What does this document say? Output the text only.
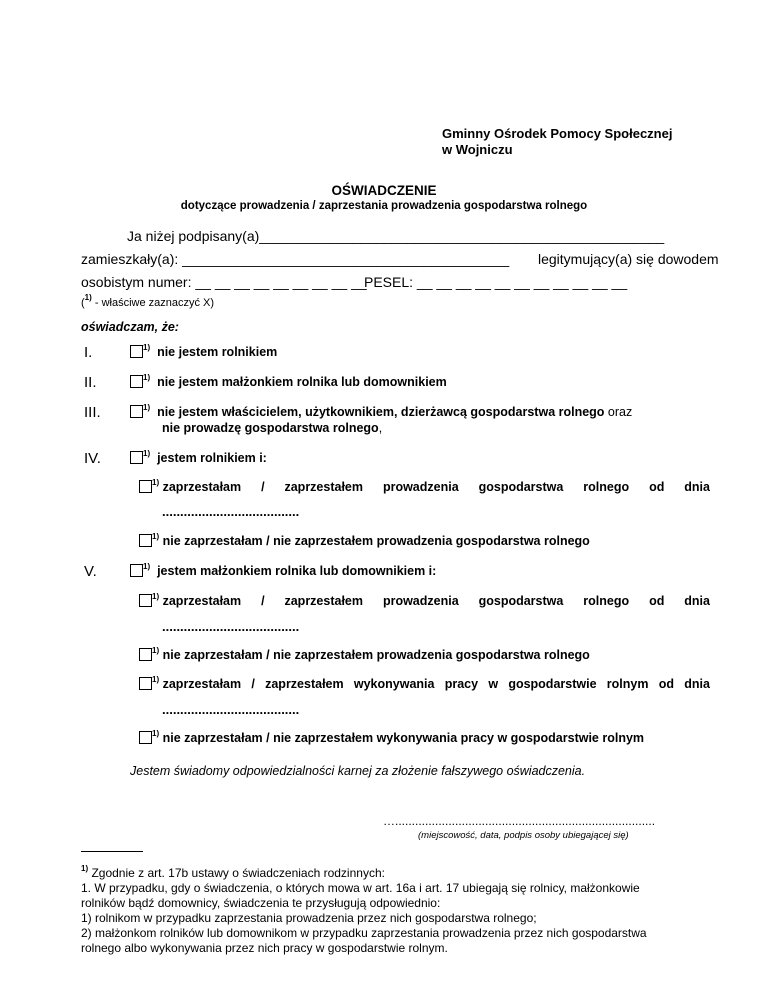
Gminny Ośrodek Pomocy Społecznej
w Wojniczu
OŚWIADCZENIE
dotyczące prowadzenia / zaprzestania prowadzenia gospodarstwa rolnego
Ja niżej podpisany(a)____________________________________________________
zamieszkały(a): __________________________________________ legitymujący(a) się dowodem
osobistym numer: __ __ __ __ __ __ __ __ __
PESEL: __ __ __ __ __ __ __ __ __ __ __
($^{1)}$ - właściwe zaznaczyć X)
oświadczam, że:
I.	$^{1)}$ nie jestem rolnikiem
II.	$^{1)}$ nie jestem małżonkiem rolnika lub domownikiem
III.	$^{1)}$ nie jestem właścicielem, użytkownikiem, dzierżawcą gospodarstwa rolnego oraz
nie prowadzę gospodarstwa rolnego,
IV.	$^{1)}$ jestem rolnikiem i:
$^{1)}$ zaprzestałam / zaprzestałem prowadzenia gospodarstwa rolnego od dnia
......................................
$^{1)}$ nie zaprzestałam / nie zaprzestałem prowadzenia gospodarstwa rolnego
V.	$^{1)}$ jestem małżonkiem rolnika lub domownikiem i:
$^{1)}$ zaprzestałam / zaprzestałem prowadzenia gospodarstwa rolnego od dnia
......................................
$^{1)}$ nie zaprzestałam / nie zaprzestałem prowadzenia gospodarstwa rolnego
$^{1)}$ zaprzestałam / zaprzestałem wykonywania pracy w gospodarstwie rolnym od dnia
......................................
$^{1)}$ nie zaprzestałam / nie zaprzestałem wykonywania pracy w gospodarstwie rolnym
Jestem świadomy odpowiedzialności karnej za złożenie fałszywego oświadczenia.
…..............................................................................
(miejscowość, data, podpis osoby ubiegającej się)
$^{1)}$ Zgodnie z art. 17b ustawy o świadczeniach rodzinnych:
1. W przypadku, gdy o świadczenia, o których mowa w art. 16a i art. 17 ubiegają się rolnicy, małżonkowie
rolników bądź domownicy, świadczenia te przysługują odpowiednio:
1) rolnikom w przypadku zaprzestania prowadzenia przez nich gospodarstwa rolnego;
2) małżonkom rolników lub domownikom w przypadku zaprzestania prowadzenia przez nich gospodarstwa
rolnego albo wykonywania przez nich pracy w gospodarstwie rolnym.
